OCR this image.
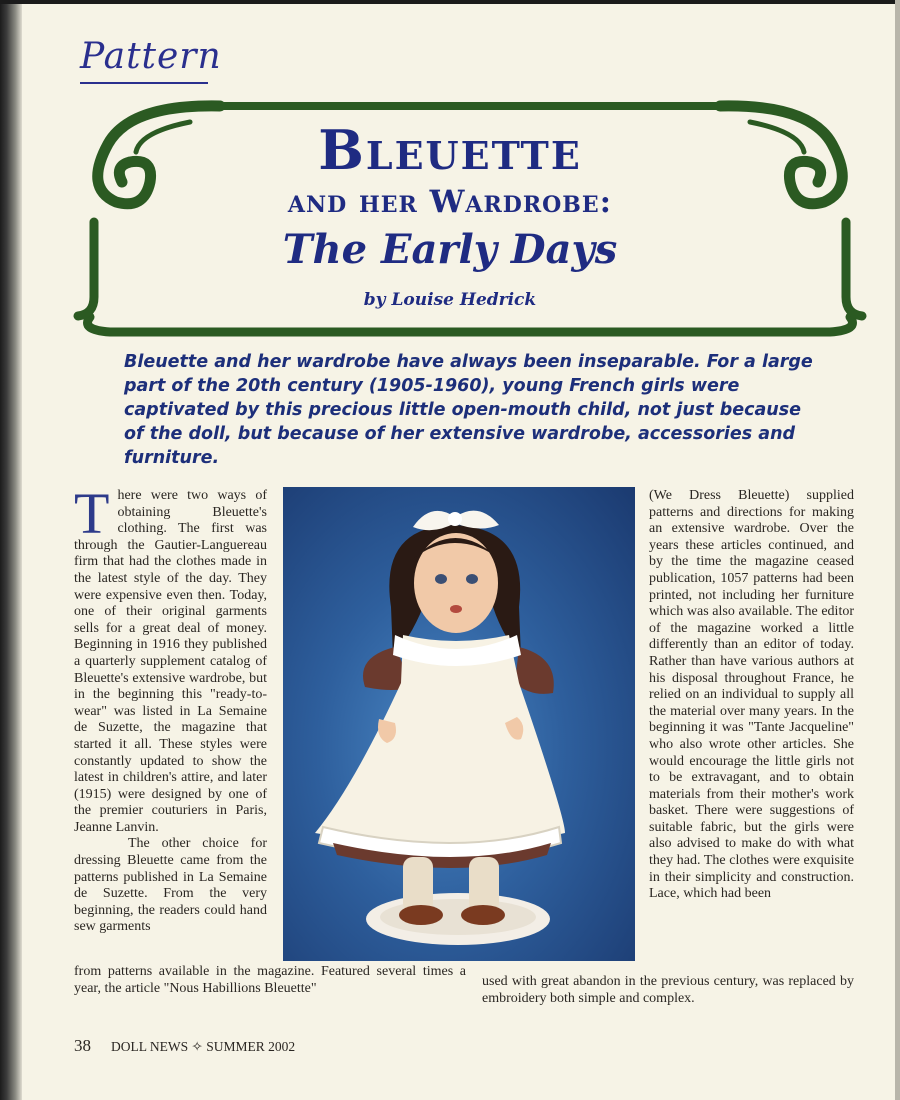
Pattern
Bleuette
and her Wardrobe:
The Early Days
by Louise Hedrick
Bleuette and her wardrobe have always been inseparable. For a large part of the 20th century (1905-1960), young French girls were captivated by this precious little open-mouth child, not just because of the doll, but because of her extensive wardrobe, accessories and furniture.

There were two ways of obtaining Bleuette's clothing. The first was through the Gautier-Languereau firm that had the clothes made in the latest style of the day. They were expensive even then. Today, one of their original garments sells for a great deal of money. Beginning in 1916 they published a quarterly supplement catalog of Bleuette's extensive wardrobe, but in the beginning this "ready-to-wear" was listed in La Semaine de Suzette, the magazine that started it all. These styles were constantly updated to show the latest in children's attire, and later (1915) were designed by one of the premier couturiers in Paris, Jeanne Lanvin.

The other choice for dressing Bleuette came from the patterns published in La Semaine de Suzette. From the very beginning, the readers could hand sew garments

from patterns available in the magazine. Featured several times a year, the article "Nous Habillions Bleuette"

(We Dress Bleuette) supplied patterns and directions for making an extensive wardrobe. Over the years these articles continued, and by the time the magazine ceased publication, 1057 patterns had been printed, not including her furniture which was also available. The editor of the magazine worked a little differently than an editor of today. Rather than have various authors at his disposal throughout France, he relied on an individual to supply all the material over many years. In the beginning it was "Tante Jacqueline" who also wrote other articles. She would encourage the little girls not to be extravagant, and to obtain materials from their mother's work basket. There were suggestions of suitable fabric, but the girls were also advised to make do with what they had. The clothes were exquisite in their simplicity and construction. Lace, which had been

used with great abandon in the previous century, was replaced by embroidery both simple and complex.
38 DOLL NEWS ✧ SUMMER 2002
